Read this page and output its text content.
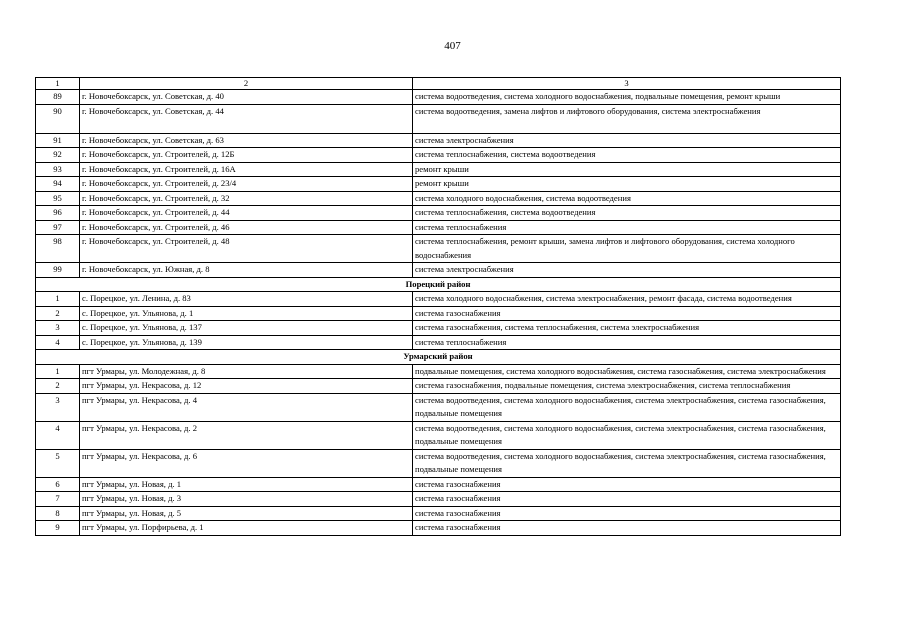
407
1	2	3
89	г. Новочебоксарск, ул. Советская, д. 40	система водоотведения, система холодного водоснабжения, подвальные помещения, ремонт крыши
90	г. Новочебоксарск, ул. Советская, д. 44	система водоотведения, замена лифтов и лифтового оборудования, система электроснабжения
91	г. Новочебоксарск, ул. Советская, д. 63	система электроснабжения
92	г. Новочебоксарск, ул. Строителей, д. 12Б	система теплоснабжения, система водоотведения
93	г. Новочебоксарск, ул. Строителей, д. 16А	ремонт крыши
94	г. Новочебоксарск, ул. Строителей, д. 23/4	ремонт крыши
95	г. Новочебоксарск, ул. Строителей, д. 32	система холодного водоснабжения, система водоотведения
96	г. Новочебоксарск, ул. Строителей, д. 44	система теплоснабжения, система водоотведения
97	г. Новочебоксарск, ул. Строителей, д. 46	система теплоснабжения
98	г. Новочебоксарск, ул. Строителей, д. 48	система теплоснабжения, ремонт крыши, замена лифтов и лифтового оборудования, система холодного водоснабжения
99	г. Новочебоксарск, ул. Южная, д. 8	система электроснабжения
Порецкий район		
1	с. Порецкое, ул. Ленина, д. 83	система холодного водоснабжения, система электроснабжения, ремонт фасада, система водоотведения
2	с. Порецкое, ул. Ульянова, д. 1	система газоснабжения
3	с. Порецкое, ул. Ульянова, д. 137	система газоснабжения, система теплоснабжения, система электроснабжения
4	с. Порецкое, ул. Ульянова, д. 139	система теплоснабжения
Урмарский район		
1	пгт Урмары, ул. Молодежная, д. 8	подвальные помещения, система холодного водоснабжения, система газоснабжения, система электроснабжения
2	пгт Урмары, ул. Некрасова, д. 12	система газоснабжения, подвальные помещения, система электроснабжения, система теплоснабжения
3	пгт Урмары, ул. Некрасова, д. 4	система водоотведения, система холодного водоснабжения, система электроснабжения, система газоснабжения, подвальные помещения
4	пгт Урмары, ул. Некрасова, д. 2	система водоотведения, система холодного водоснабжения, система электроснабжения, система газоснабжения, подвальные помещения
5	пгт Урмары, ул. Некрасова, д. 6	система водоотведения, система холодного водоснабжения, система электроснабжения, система газоснабжения, подвальные помещения
6	пгт Урмары, ул. Новая, д. 1	система газоснабжения
7	пгт Урмары, ул. Новая, д. 3	система газоснабжения
8	пгт Урмары, ул. Новая, д. 5	система газоснабжения
9	пгт Урмары, ул. Порфирьева, д. 1	система газоснабжения
